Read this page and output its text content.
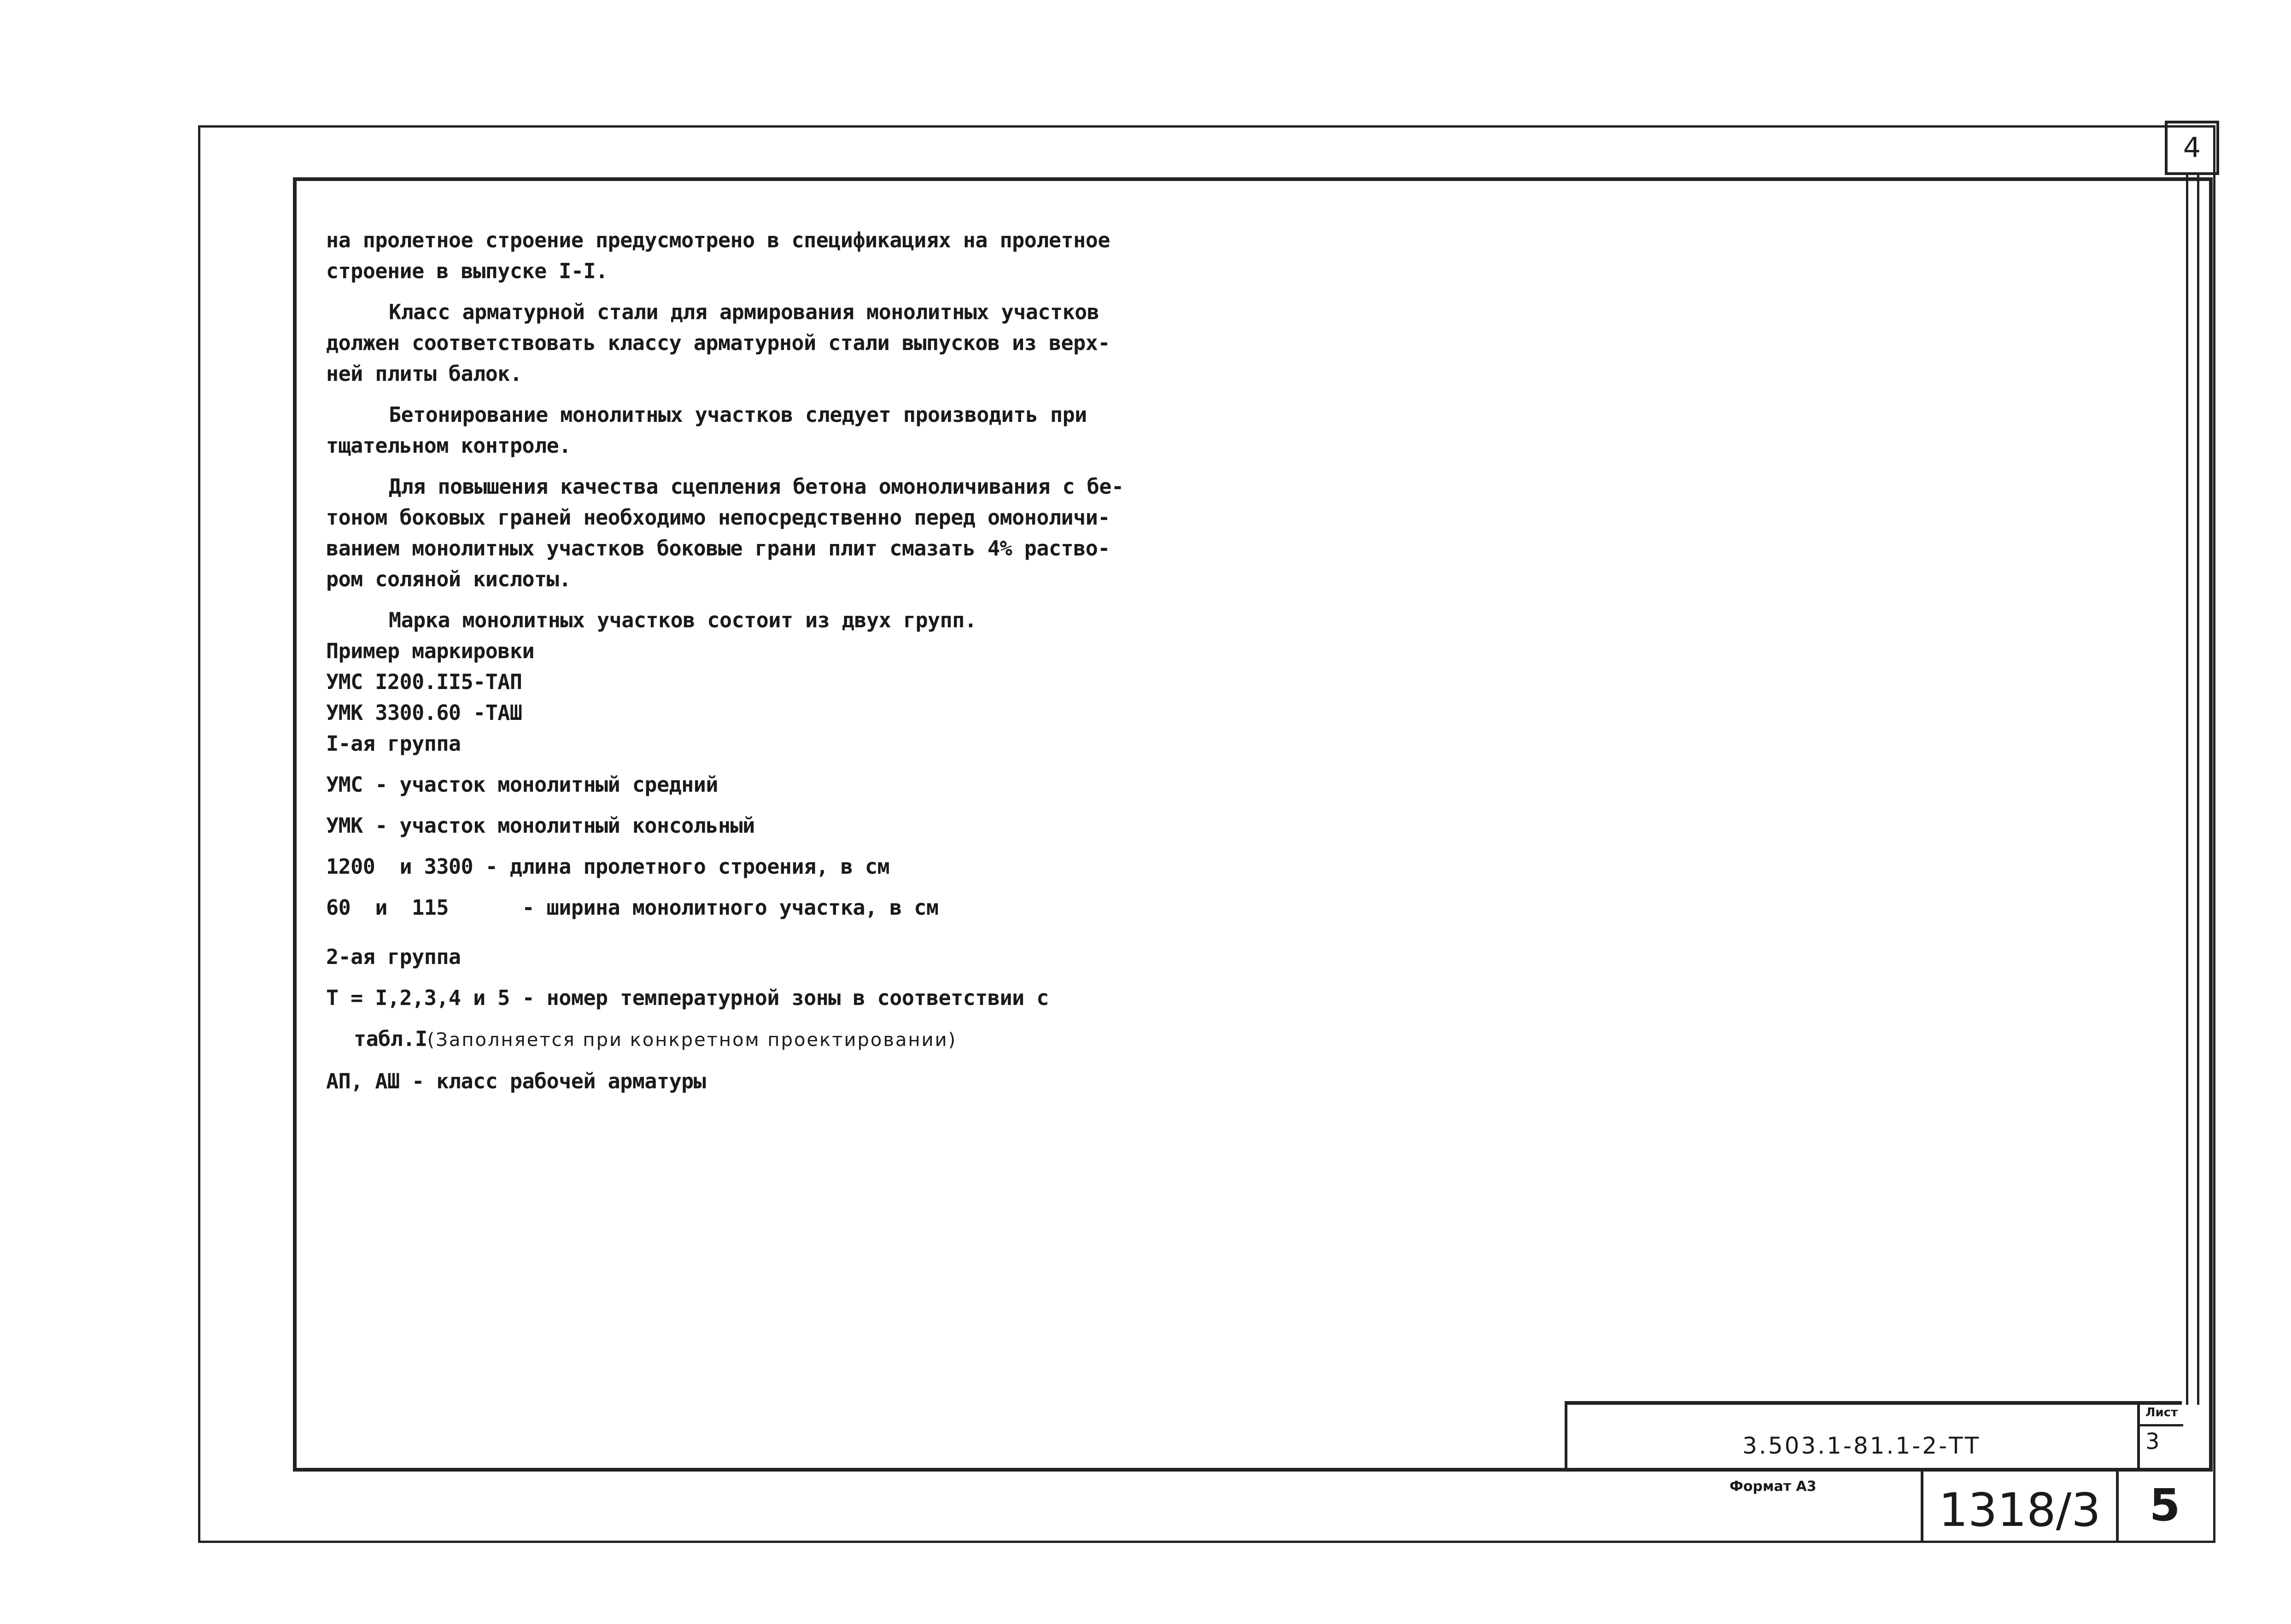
4
на пролетное строение предусмотрено в спецификациях на пролетное
строение в выпуске I-I.
Класс арматурной стали для армирования монолитных участков
должен соответствовать классу арматурной стали выпусков из верх-
ней плиты балок.
Бетонирование монолитных участков следует производить при
тщательном контроле.
Для повышения качества сцепления бетона омоноличивания с бе-
тоном боковых граней необходимо непосредственно перед омоноличи-
ванием монолитных участков боковые грани плит смазать 4% раство-
ром соляной кислоты.
Марка монолитных участков состоит из двух групп.
Пример маркировки
УМС I200.II5-ТАП
УМК 3300.60 -ТАШ
I-ая группа
УМС - участок монолитный средний
УМК - участок монолитный консольный
1200  и 3300 - длина пролетного строения, в см
60  и  115      - ширина монолитного участка, в см
2-ая группа
Т = I,2,3,4 и 5 - номер температурной зоны в соответствии с
табл.I(Заполняется при конкретном проектировании)
АП, АШ - класс рабочей арматуры
3.503.1-81.1-2-ТТ
Лист
3
Формат А3	1318/3	5
